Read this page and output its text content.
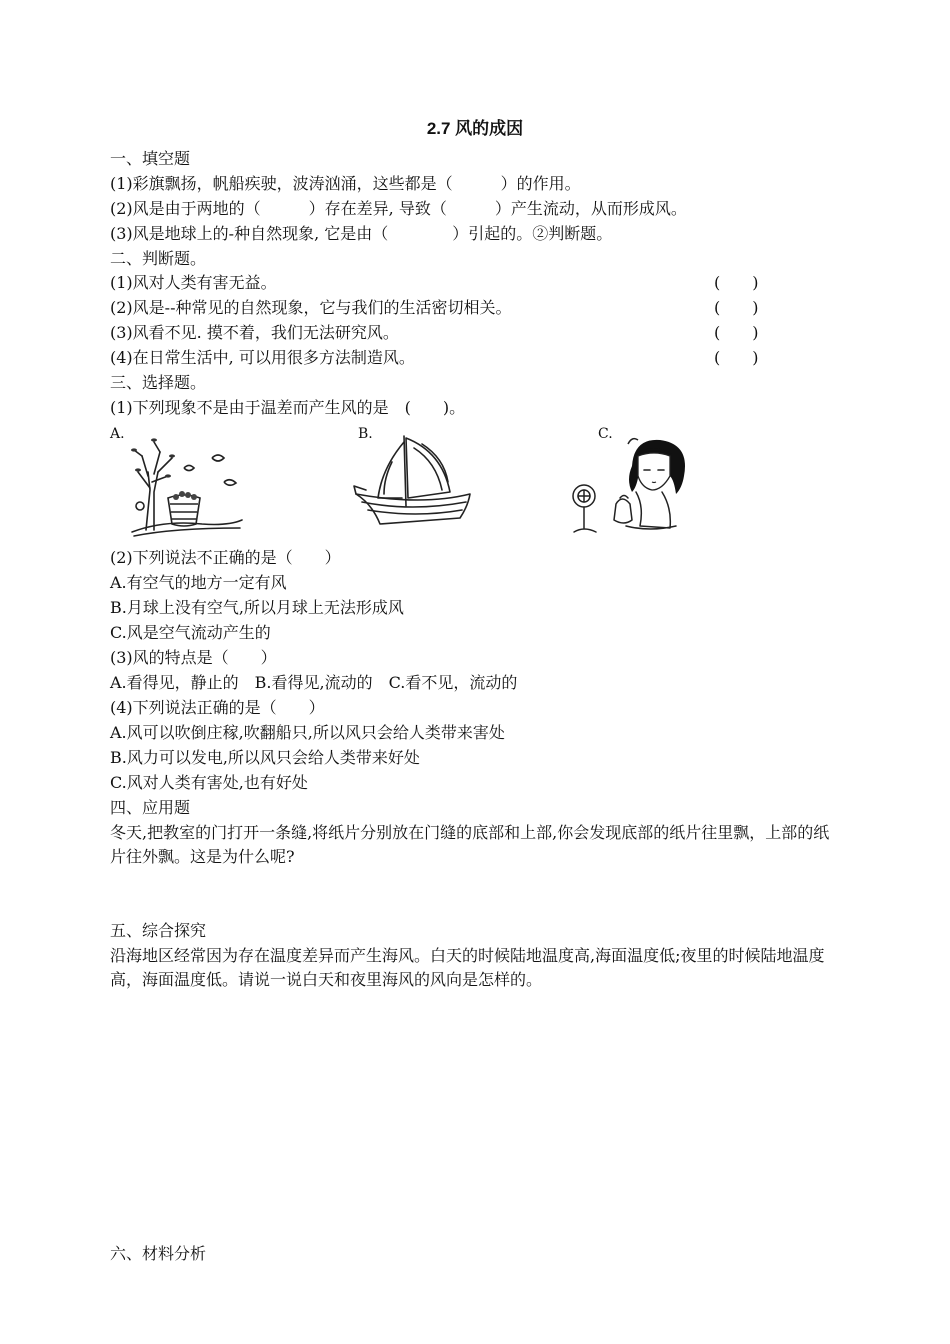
2.7 风的成因
一、填空题
(1)彩旗飘扬，帆船疾驶，波涛汹涌，这些都是（　　　）的作用。
(2)风是由于两地的（　　　）存在差异, 导致（　　　）产生流动，从而形成风。
(3)风是地球上的-种自然现象, 它是由（　　　　）引起的。②判断题。
二、判断题。
(1)风对人类有害无益。	(　　)
(2)风是--种常见的自然现象，它与我们的生活密切相关。	(　　)
(3)风看不见. 摸不着，我们无法研究风。	(　　)
(4)在日常生活中, 可以用很多方法制造风。	(　　)
三、选择题。
(1)下列现象不是由于温差而产生风的是　(　　)。
A.	B.	C.
(2)下列说法不正确的是（　　）
A.有空气的地方一定有风
B.月球上没有空气,所以月球上无法形成风
C.风是空气流动产生的
(3)风的特点是（　　）
A.看得见，静止的　B.看得见,流动的　C.看不见，流动的
(4)下列说法正确的是（　　）
A.风可以吹倒庄稼,吹翻船只,所以风只会给人类带来害处
B.风力可以发电,所以风只会给人类带来好处
C.风对人类有害处,也有好处
四、应用题
冬天,把教室的门打开一条缝,将纸片分别放在门缝的底部和上部,你会发现底部的纸片往里飘，上部的纸片往外飘。这是为什么呢?
五、综合探究
沿海地区经常因为存在温度差异而产生海风。白天的时候陆地温度高,海面温度低;夜里的时候陆地温度高，海面温度低。请说一说白天和夜里海风的风向是怎样的。
六、材料分析
